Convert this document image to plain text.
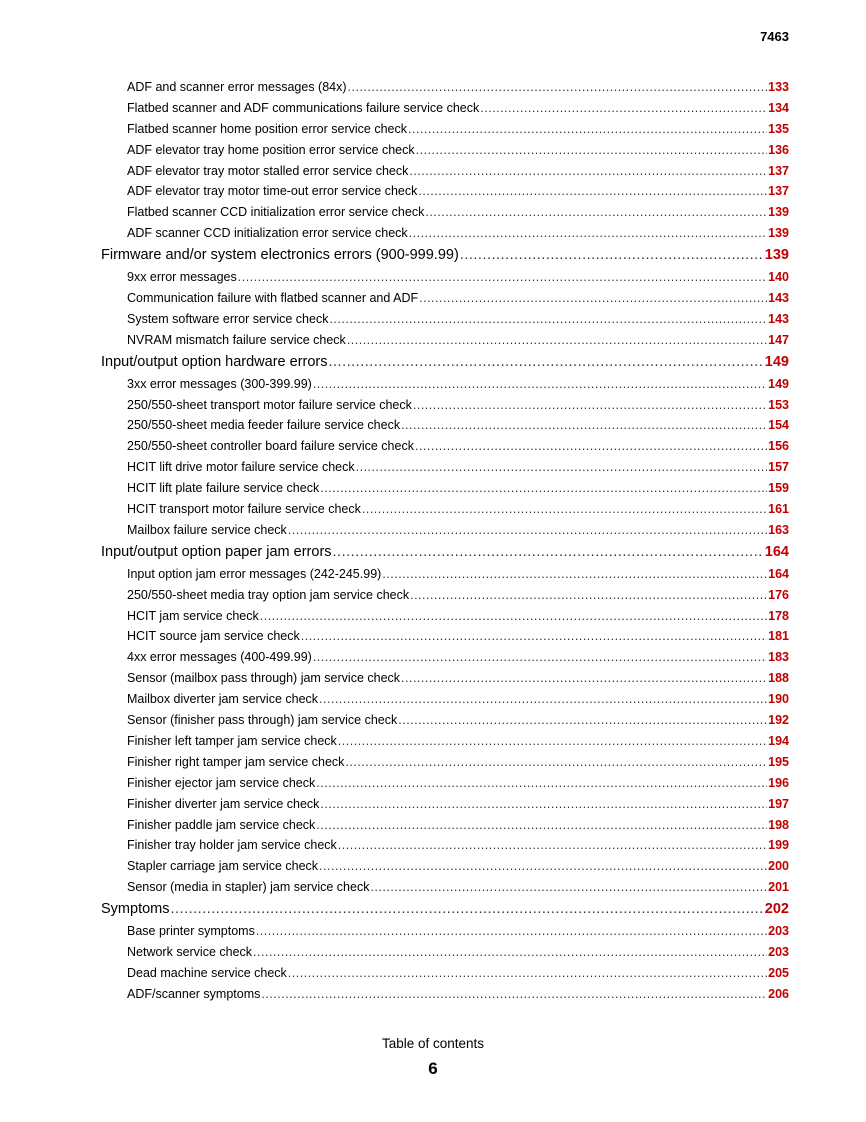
7463
ADF and scanner error messages (84x) .....	133
Flatbed scanner and ADF communications failure service check .....	134
Flatbed scanner home position error service check .....	135
ADF elevator tray home position error service check .....	136
ADF elevator tray motor stalled error service check .....	137
ADF elevator tray motor time-out error service check .....	137
Flatbed scanner CCD initialization error service check .....	139
ADF scanner CCD initialization error service check .....	139
Firmware and/or system electronics errors (900-999.99) .....	139
9xx error messages .....	140
Communication failure with flatbed scanner and ADF .....	143
System software error service check .....	143
NVRAM mismatch failure service check .....	147
Input/output option hardware errors .....	149
3xx error messages (300-399.99) .....	149
250/550-sheet transport motor failure service check .....	153
250/550-sheet media feeder failure service check .....	154
250/550-sheet controller board failure service check .....	156
HCIT lift drive motor failure service check .....	157
HCIT lift plate failure service check .....	159
HCIT transport motor failure service check .....	161
Mailbox failure service check .....	163
Input/output option paper jam errors .....	164
Input option jam error messages (242-245.99) .....	164
250/550-sheet media tray option jam service check .....	176
HCIT jam service check .....	178
HCIT source jam service check .....	181
4xx error messages (400-499.99) .....	183
Sensor (mailbox pass through) jam service check .....	188
Mailbox diverter jam service check .....	190
Sensor (finisher pass through) jam service check .....	192
Finisher left tamper jam service check .....	194
Finisher right tamper jam service check .....	195
Finisher ejector jam service check .....	196
Finisher diverter jam service check .....	197
Finisher paddle jam service check .....	198
Finisher tray holder jam service check .....	199
Stapler carriage jam service check .....	200
Sensor (media in stapler) jam service check .....	201
Symptoms .....	202
Base printer symptoms .....	203
Network service check .....	203
Dead machine service check .....	205
ADF/scanner symptoms .....	206
Table of contents
6
